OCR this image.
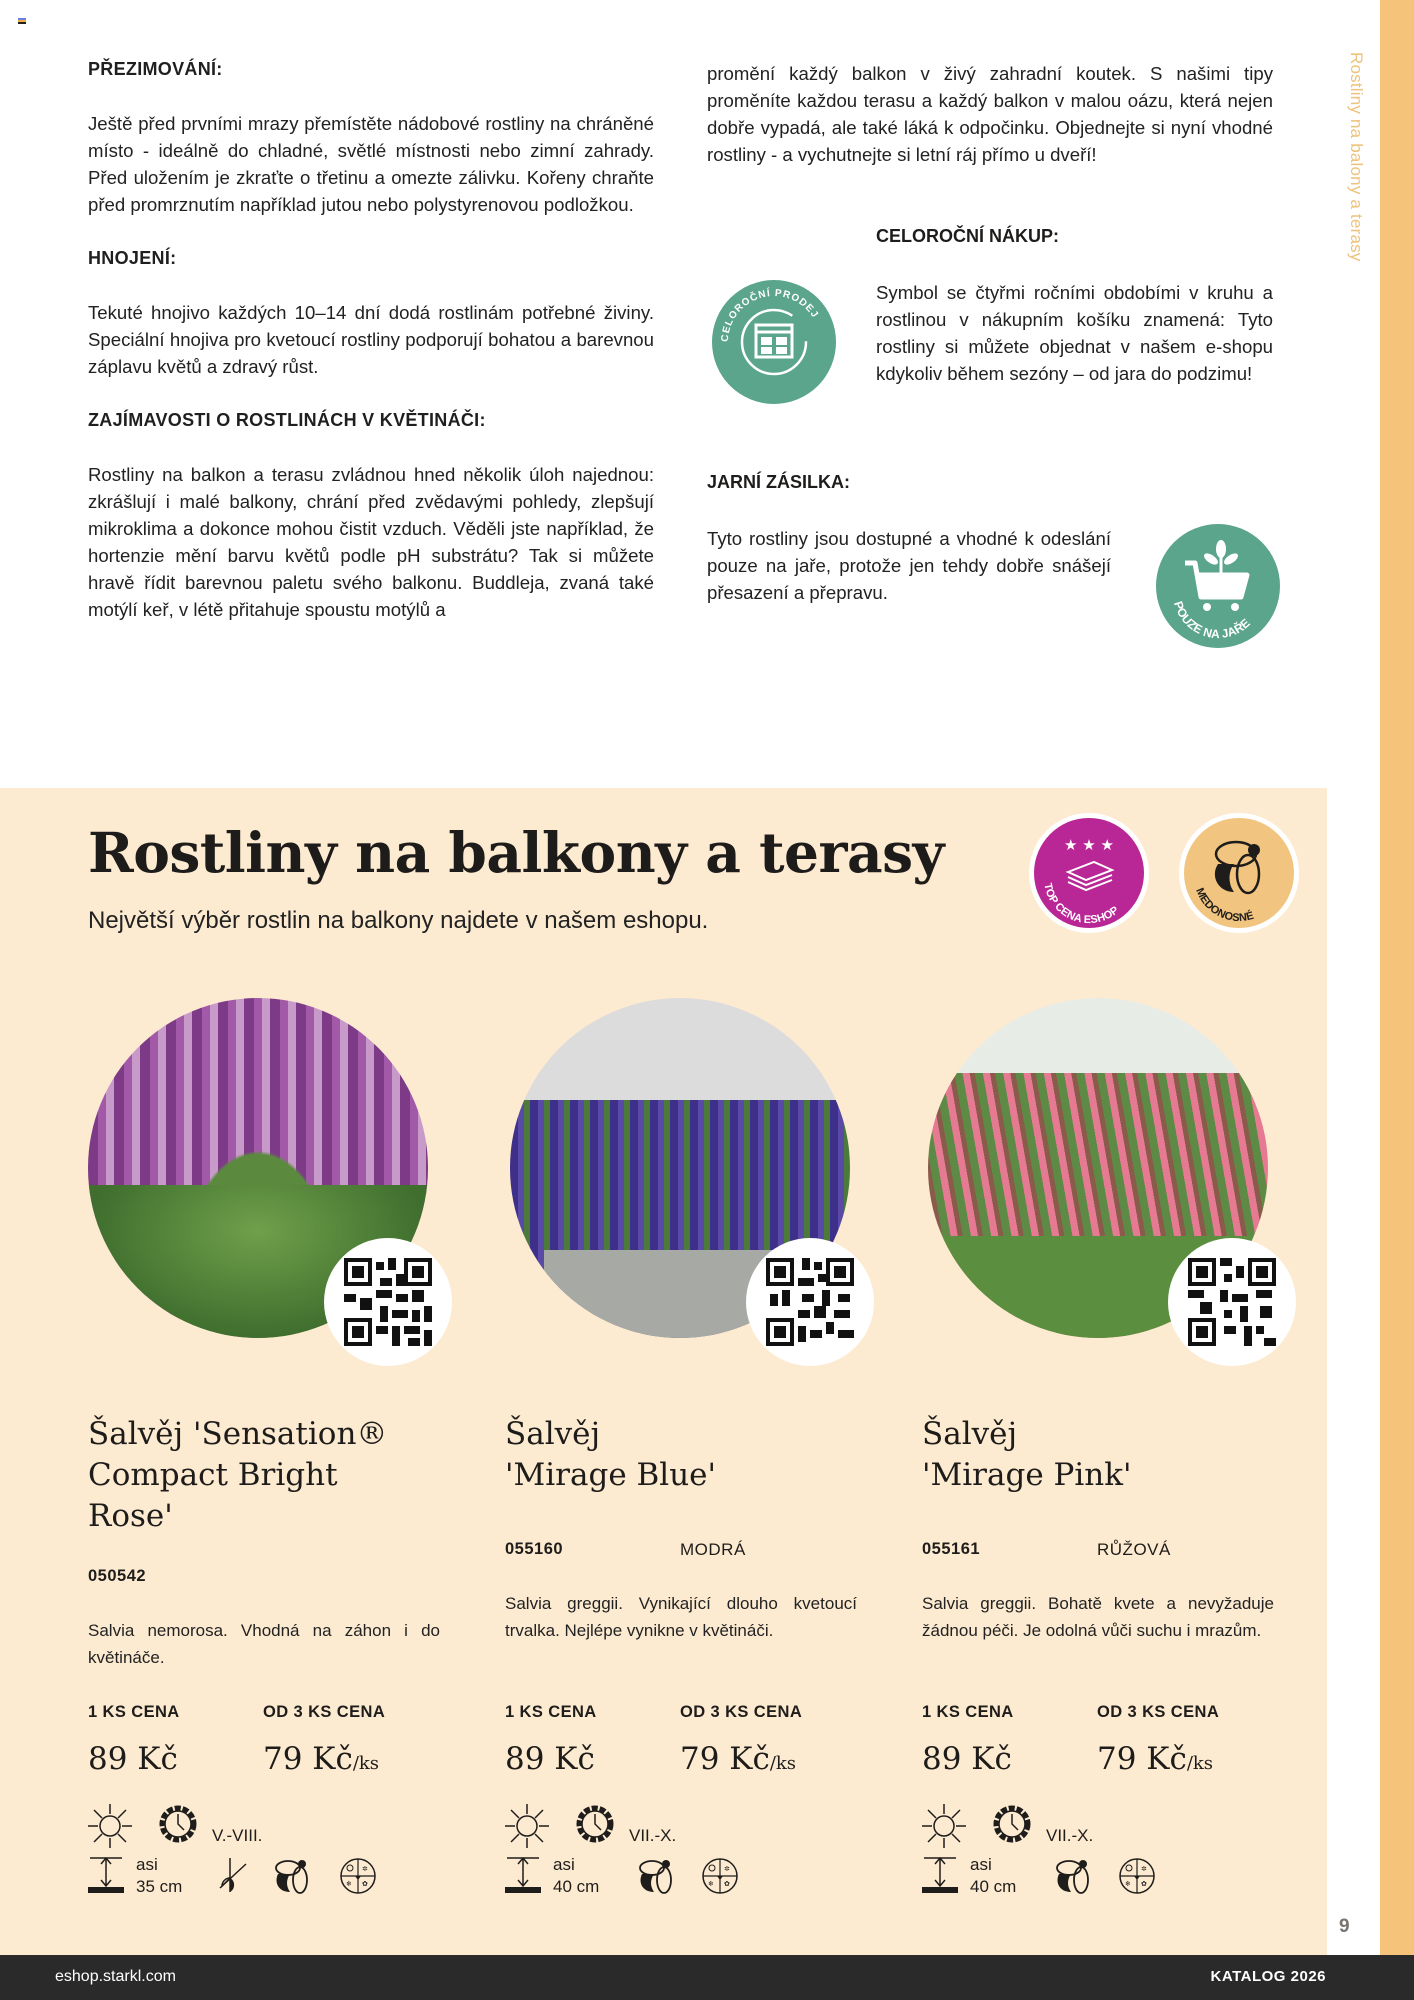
Rostliny na balony a terasy

PŘEZIMOVÁNÍ:

Ještě před prvními mrazy přemístěte nádobové rostliny na chráněné místo - ideálně do chladné, světlé místnosti nebo zimní zahrady. Před uložením je zkraťte o třetinu a omezte zálivku. Kořeny chraňte před promrznutím například jutou nebo polystyrenovou podložkou.

HNOJENÍ:

Tekuté hnojivo každých 10–14 dní dodá rostlinám potřebné živiny. Speciální hnojiva pro kvetoucí rostliny podporují bohatou a barevnou záplavu květů a zdravý růst.

ZAJÍMAVOSTI O ROSTLINÁCH V KVĚTINÁČI:

Rostliny na balkon a terasu zvládnou hned několik úloh najednou: zkrášlují i malé balkony, chrání před zvědavými pohledy, zlepšují mikroklima a dokonce mohou čistit vzduch. Věděli jste například, že hortenzie mění barvu květů podle pH substrátu? Tak si můžete hravě řídit barevnou paletu svého balkonu. Buddleja, zvaná také motýlí keř, v létě přitahuje spoustu motýlů a

promění každý balkon v živý zahradní koutek. S našimi tipy proměníte každou terasu a každý balkon v malou oázu, která nejen dobře vypadá, ale také láká k odpočinku. Objednejte si nyní vhodné rostliny - a vychutnejte si letní ráj přímo u dveří!

CELOROČNÍ PRODEJ

CELOROČNÍ NÁKUP:

Symbol se čtyřmi ročními obdobími v kruhu a rostlinou v nákupním košíku znamená: Tyto rostliny si můžete objednat v našem e-shopu kdykoliv během sezóny – od jara do podzimu!

JARNÍ ZÁSILKA:

Tyto rostliny jsou dostupné a vhodné k odeslání pouze na jaře, protože jen tehdy dobře snášejí přesazení a přepravu.

POUZE NA JAŘE
Rostliny na balkony a terasy

Největší výběr rostlin na balkony najdete v našem eshopu.

★ ★ ★
TOP CENA ESHOP
MEDONOSNÉ
Šalvěj 'Sensation®
Compact Bright
Rose'

050542

Salvia nemorosa. Vhodná na záhon i do květináče.

1 KS CENA	OD 3 KS CENA

89 Kč	79 Kč/ks

Šalvěj
'Mirage Blue'

055160	MODRÁ

Salvia greggii. Vynikající dlouho kvetoucí trvalka. Nejlépe vynikne v květináči.

1 KS CENA	OD 3 KS CENA

89 Kč	79 Kč/ks

Šalvěj
'Mirage Pink'

055161	RŮŽOVÁ

Salvia greggii. Bohatě kvete a nevyžaduje žádnou péči. Je odolná vůči suchu i mrazům.

1 KS CENA	OD 3 KS CENA

89 Kč	79 Kč/ks

V.-VIII.

asi
35 cm

✲
❄ ✿

VII.-X.

asi
40 cm

✲
❄ ✿

VII.-X.

asi
40 cm

✲
❄ ✿

9

eshop.starkl.com	KATALOG 2026
